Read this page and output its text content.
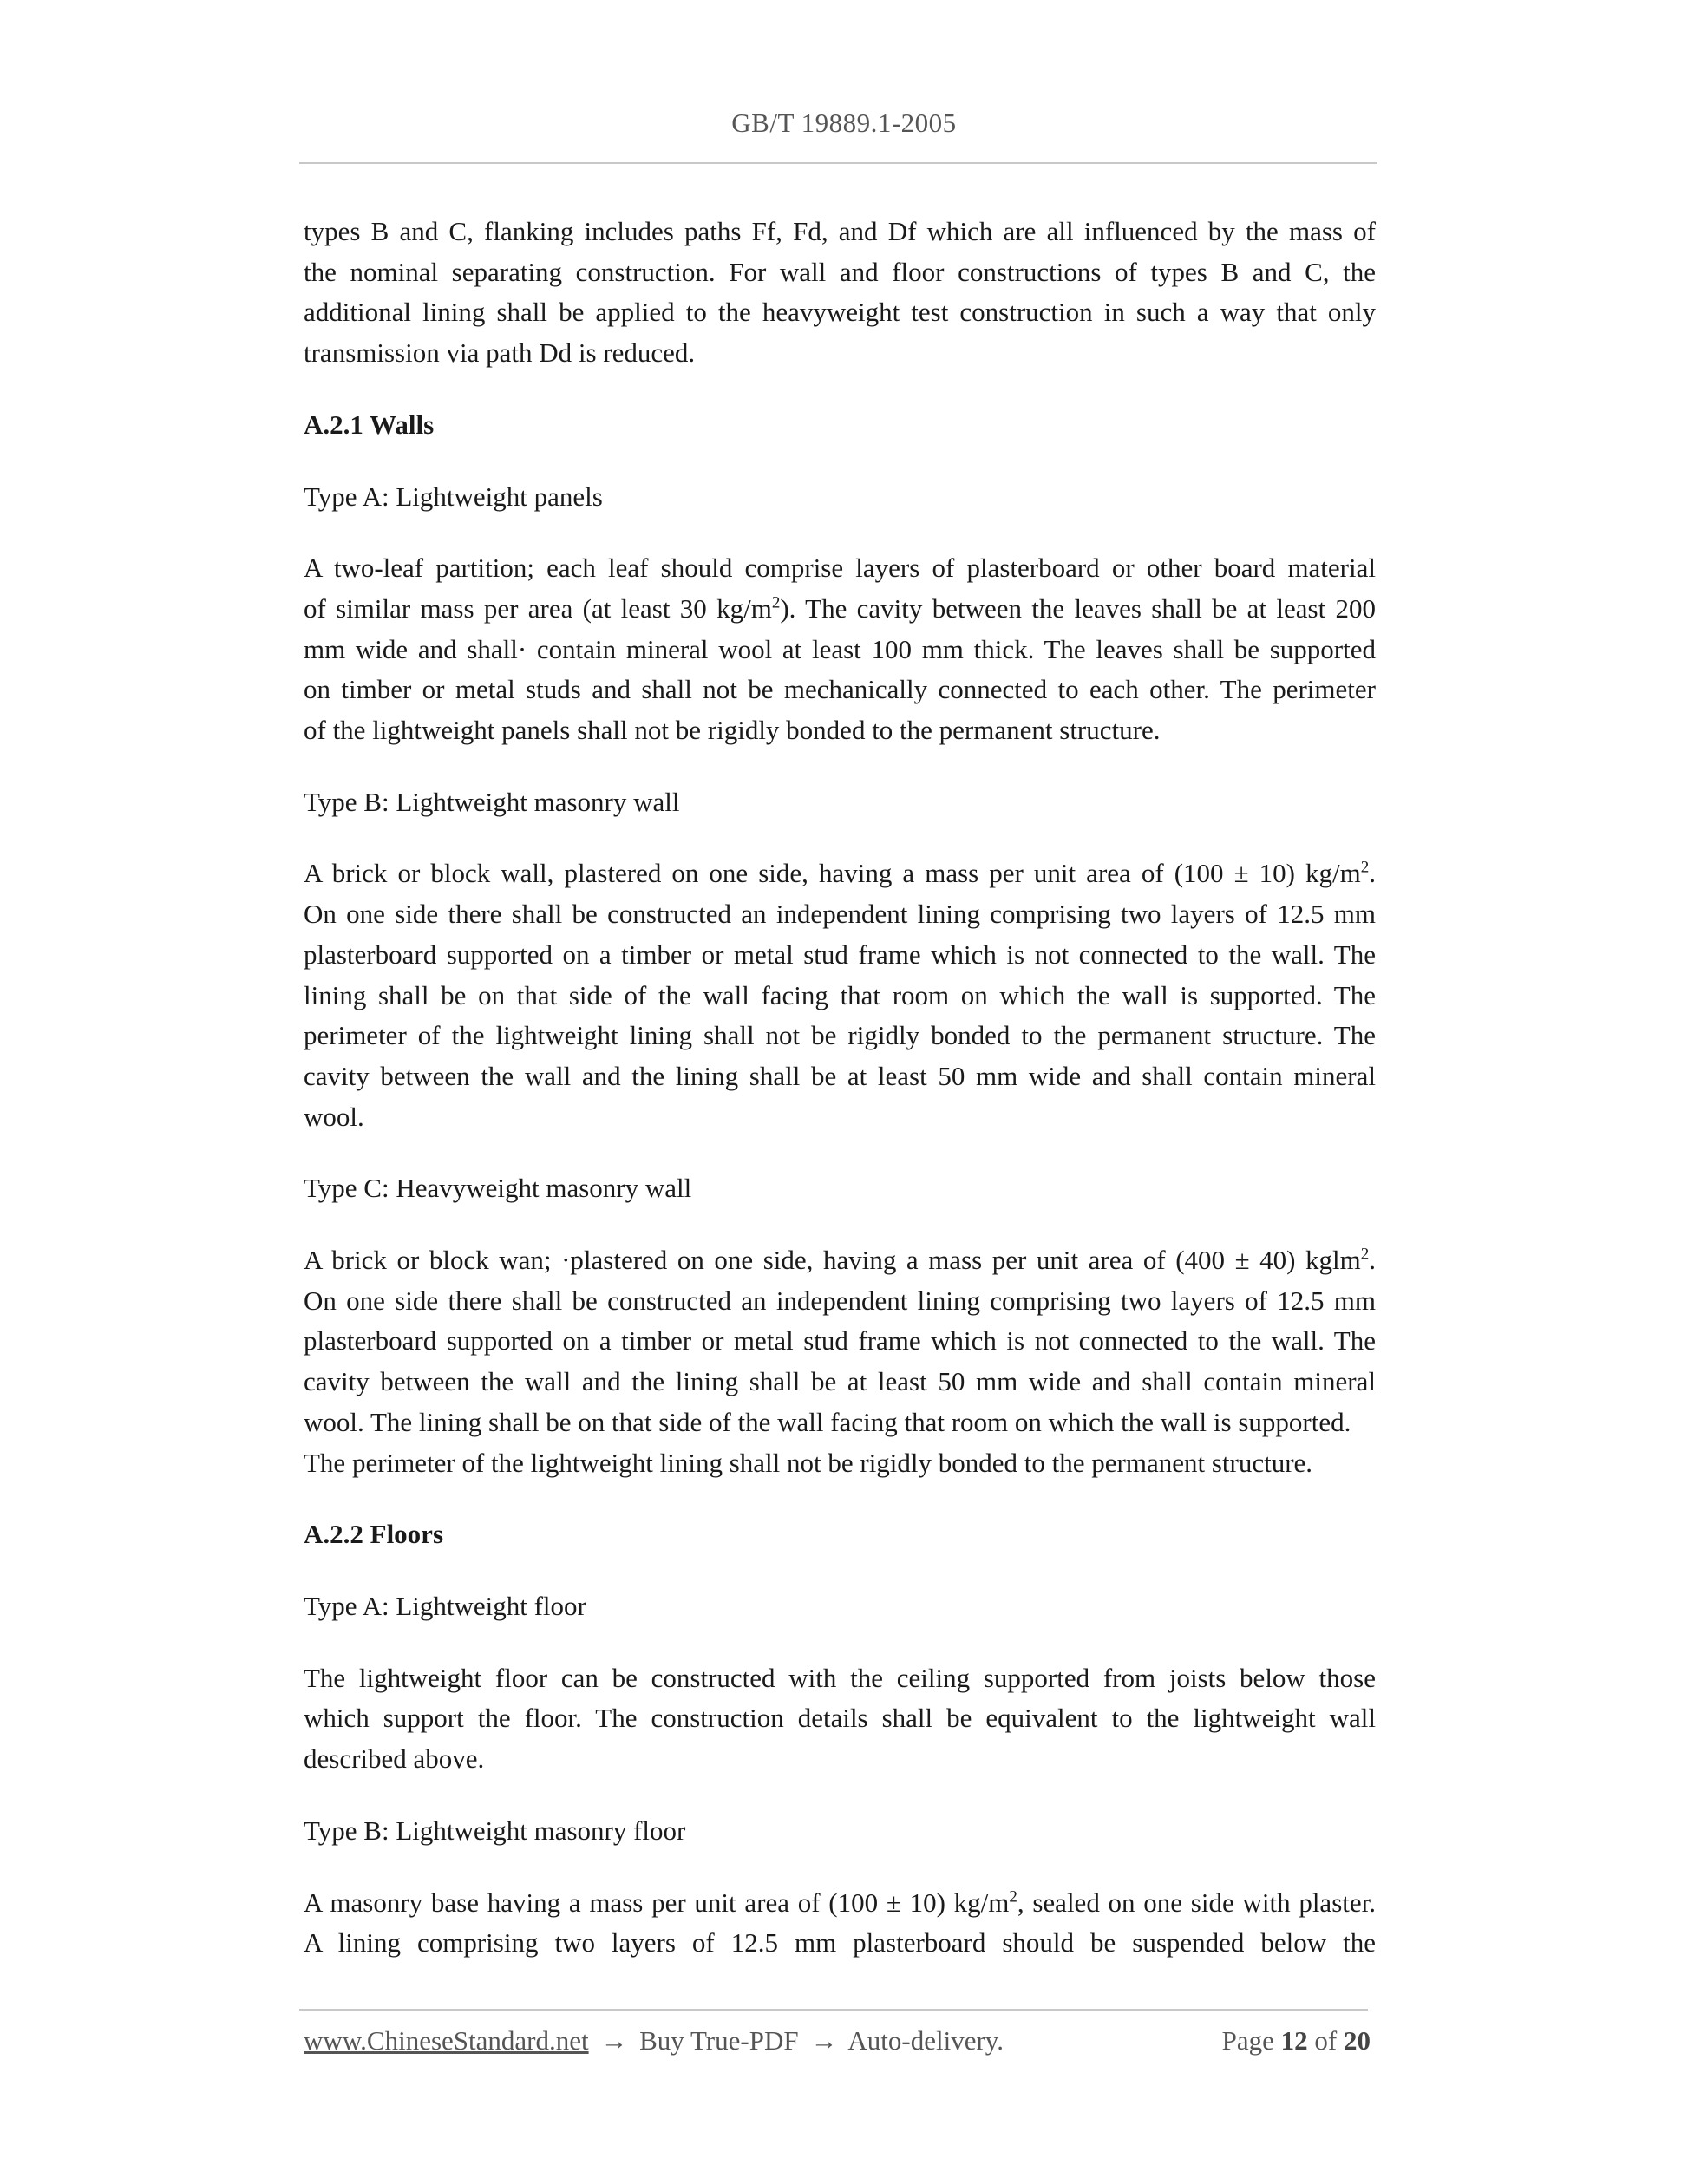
GB/T 19889.1-2005
types B and C, flanking includes paths Ff, Fd, and Df which are all influenced by the mass of
the nominal separating construction. For wall and floor constructions of types B and C, the
additional lining shall be applied to the heavyweight test construction in such a way that only
transmission via path Dd is reduced.
A.2.1 Walls
Type A: Lightweight panels
A two-leaf partition; each leaf should comprise layers of plasterboard or other board material
of similar mass per area (at least 30 $kg/m^2$). The cavity between the leaves shall be at least 200
mm wide and shall· contain mineral wool at least 100 mm thick. The leaves shall be supported
on timber or metal studs and shall not be mechanically connected to each other. The perimeter
of the lightweight panels shall not be rigidly bonded to the permanent structure.
Type B: Lightweight masonry wall
A brick or block wall, plastered on one side, having a mass per unit area of (100 ± 10) $kg/m^2$.
On one side there shall be constructed an independent lining comprising two layers of 12.5 mm
plasterboard supported on a timber or metal stud frame which is not connected to the wall. The
lining shall be on that side of the wall facing that room on which the wall is supported. The
perimeter of the lightweight lining shall not be rigidly bonded to the permanent structure. The
cavity between the wall and the lining shall be at least 50 mm wide and shall contain mineral
wool.
Type C: Heavyweight masonry wall
A brick or block wan; ·plastered on one side, having a mass per unit area of (400 ± 40) kglm$^2$.
On one side there shall be constructed an independent lining comprising two layers of 12.5 mm
plasterboard supported on a timber or metal stud frame which is not connected to the wall. The
cavity between the wall and the lining shall be at least 50 mm wide and shall contain mineral
wool. The lining shall be on that side of the wall facing that room on which the wall is supported.
The perimeter of the lightweight lining shall not be rigidly bonded to the permanent structure.
A.2.2 Floors
Type A: Lightweight floor
The lightweight floor can be constructed with the ceiling supported from joists below those
which support the floor. The construction details shall be equivalent to the lightweight wall
described above.
Type B: Lightweight masonry floor
A masonry base having a mass per unit area of (100 ± 10) $kg/m^2$, sealed on one side with plaster.
A lining comprising two layers of 12.5 mm plasterboard should be suspended below the
www.ChineseStandard.net → Buy True-PDF → Auto-delivery.	Page 12 of 20
